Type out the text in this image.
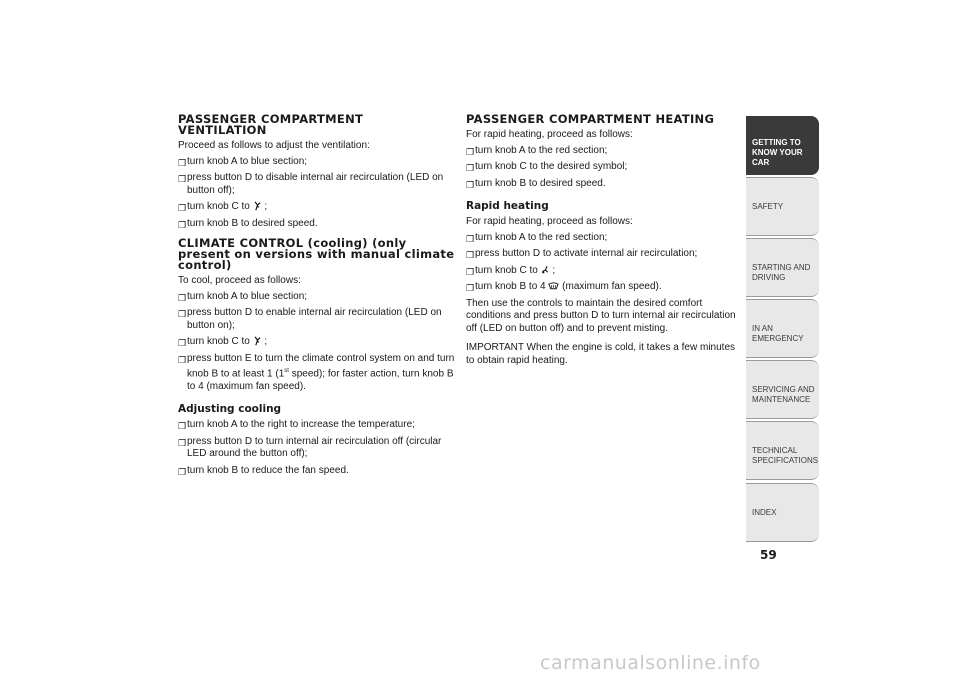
PASSENGER COMPARTMENT VENTILATION
Proceed as follows to adjust the ventilation:
❒ turn knob A to blue section;
❒ press button D to disable internal air recirculation (LED on button off);
❒ turn knob C to  ;
❒ turn knob B to desired speed.
CLIMATE CONTROL (cooling) (only present on versions with manual climate control)
To cool, proceed as follows:
❒ turn knob A to blue section;
❒ press button D to enable internal air recirculation (LED on button on);
❒ turn knob C to  ;
❒ press button E to turn the climate control system on and turn knob B to at least 1 (1st speed); for faster action, turn knob B to 4 (maximum fan speed).
Adjusting cooling
❒ turn knob A to the right to increase the temperature;
❒ press button D to turn internal air recirculation off (circular LED around the button off);
❒ turn knob B to reduce the fan speed.
PASSENGER COMPARTMENT HEATING
For rapid heating, proceed as follows:
❒ turn knob A to the red section;
❒ turn knob C to the desired symbol;
❒ turn knob B to desired speed.
Rapid heating
For rapid heating, proceed as follows:
❒ turn knob A to the red section;
❒ press button D to activate internal air recirculation;
❒ turn knob C to  ;
❒ turn knob B to 4 (maximum fan speed).
Then use the controls to maintain the desired comfort conditions and press button D to turn internal air recirculation off (LED on button off) and to prevent misting.
IMPORTANT When the engine is cold, it takes a few minutes to obtain rapid heating.
GETTING TO
KNOW YOUR CAR
SAFETY

STARTING AND
DRIVING
IN AN EMERGENCY

SERVICING AND
MAINTENANCE
TECHNICAL
SPECIFICATIONS
INDEX

59
carmanualsonline.info
